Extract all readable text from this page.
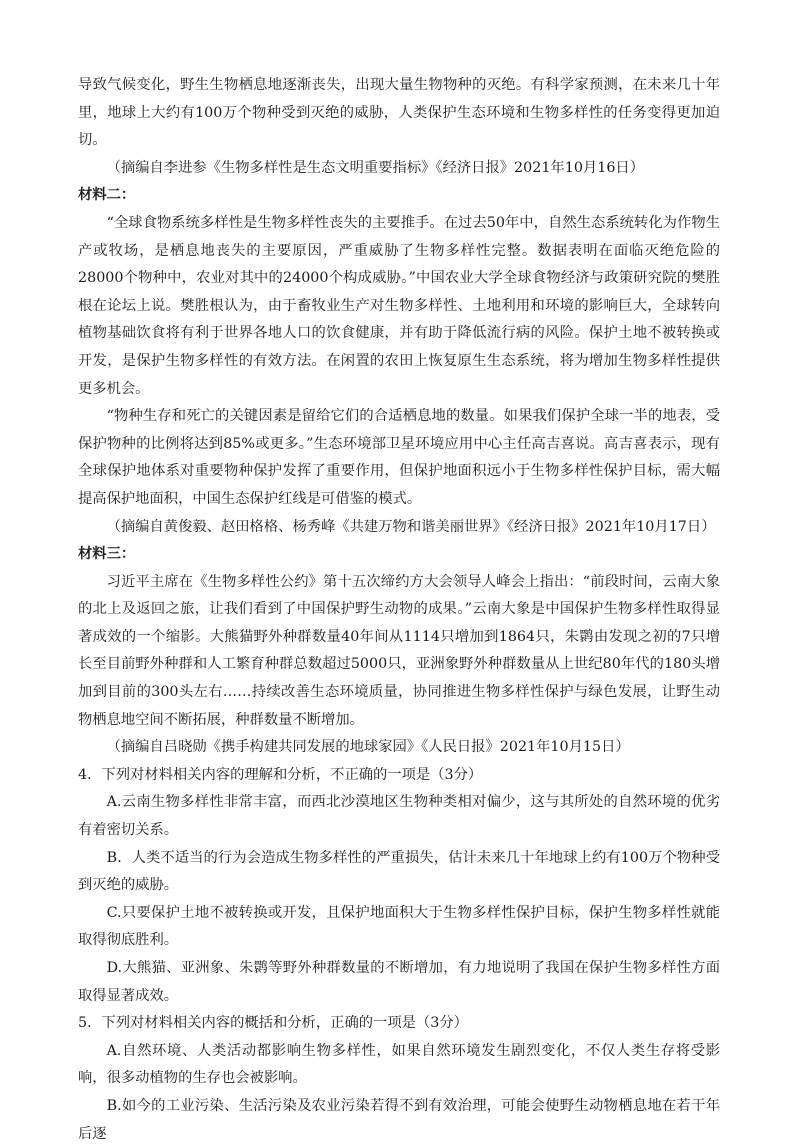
导致气候变化，野生生物栖息地逐渐丧失，出现大量生物物种的灭绝。有科学家预测，在未来几十年里，地球上大约有100万个物种受到灭绝的威胁，人类保护生态环境和生物多样性的任务变得更加迫切。

（摘编自李进参《生物多样性是生态文明重要指标》《经济日报》2021年10月16日）

材料二：

“全球食物系统多样性是生物多样性丧失的主要推手。在过去50年中，自然生态系统转化为作物生产或牧场，是栖息地丧失的主要原因，严重威胁了生物多样性完整。数据表明在面临灭绝危险的28000个物种中，农业对其中的24000个构成威胁。”中国农业大学全球食物经济与政策研究院的樊胜根在论坛上说。樊胜根认为，由于畜牧业生产对生物多样性、土地利用和环境的影响巨大，全球转向植物基础饮食将有利于世界各地人口的饮食健康，并有助于降低流行病的风险。保护土地不被转换或开发，是保护生物多样性的有效方法。在闲置的农田上恢复原生生态系统，将为增加生物多样性提供更多机会。

“物种生存和死亡的关键因素是留给它们的合适栖息地的数量。如果我们保护全球一半的地表，受保护物种的比例将达到85%或更多。”生态环境部卫星环境应用中心主任高吉喜说。高吉喜表示，现有全球保护地体系对重要物种保护发挥了重要作用，但保护地面积远小于生物多样性保护目标，需大幅提高保护地面积，中国生态保护红线是可借鉴的模式。

（摘编自黄俊毅、赵田格格、杨秀峰《共建万物和谐美丽世界》《经济日报》2021年10月17日）

材料三：

习近平主席在《生物多样性公约》第十五次缔约方大会领导人峰会上指出：“前段时间，云南大象的北上及返回之旅，让我们看到了中国保护野生动物的成果。”云南大象是中国保护生物多样性取得显著成效的一个缩影。大熊猫野外种群数量40年间从1114只增加到1864只，朱鹮由发现之初的7只增长至目前野外种群和人工繁育种群总数超过5000只，亚洲象野外种群数量从上世纪80年代的180头增加到目前的300头左右……持续改善生态环境质量，协同推进生物多样性保护与绿色发展，让野生动物栖息地空间不断拓展，种群数量不断增加。

（摘编自吕晓勋《携手构建共同发展的地球家园》《人民日报》2021年10月15日）

4．下列对材料相关内容的理解和分析，不正确的一项是（3分）

A.云南生物多样性非常丰富，而西北沙漠地区生物种类相对偏少，这与其所处的自然环境的优劣有着密切关系。

B．人类不适当的行为会造成生物多样性的严重损失，估计未来几十年地球上约有100万个物种受到灭绝的威胁。

C.只要保护土地不被转换或开发，且保护地面积大于生物多样性保护目标，保护生物多样性就能取得彻底胜利。

D.大熊猫、亚洲象、朱鹮等野外种群数量的不断增加，有力地说明了我国在保护生物多样性方面取得显著成效。

5．下列对材料相关内容的概括和分析，正确的一项是（3分）

A.自然环境、人类活动都影响生物多样性，如果自然环境发生剧烈变化，不仅人类生存将受影响，很多动植物的生存也会被影响。

B.如今的工业污染、生活污染及农业污染若得不到有效治理，可能会使野生动物栖息地在若干年后逐
